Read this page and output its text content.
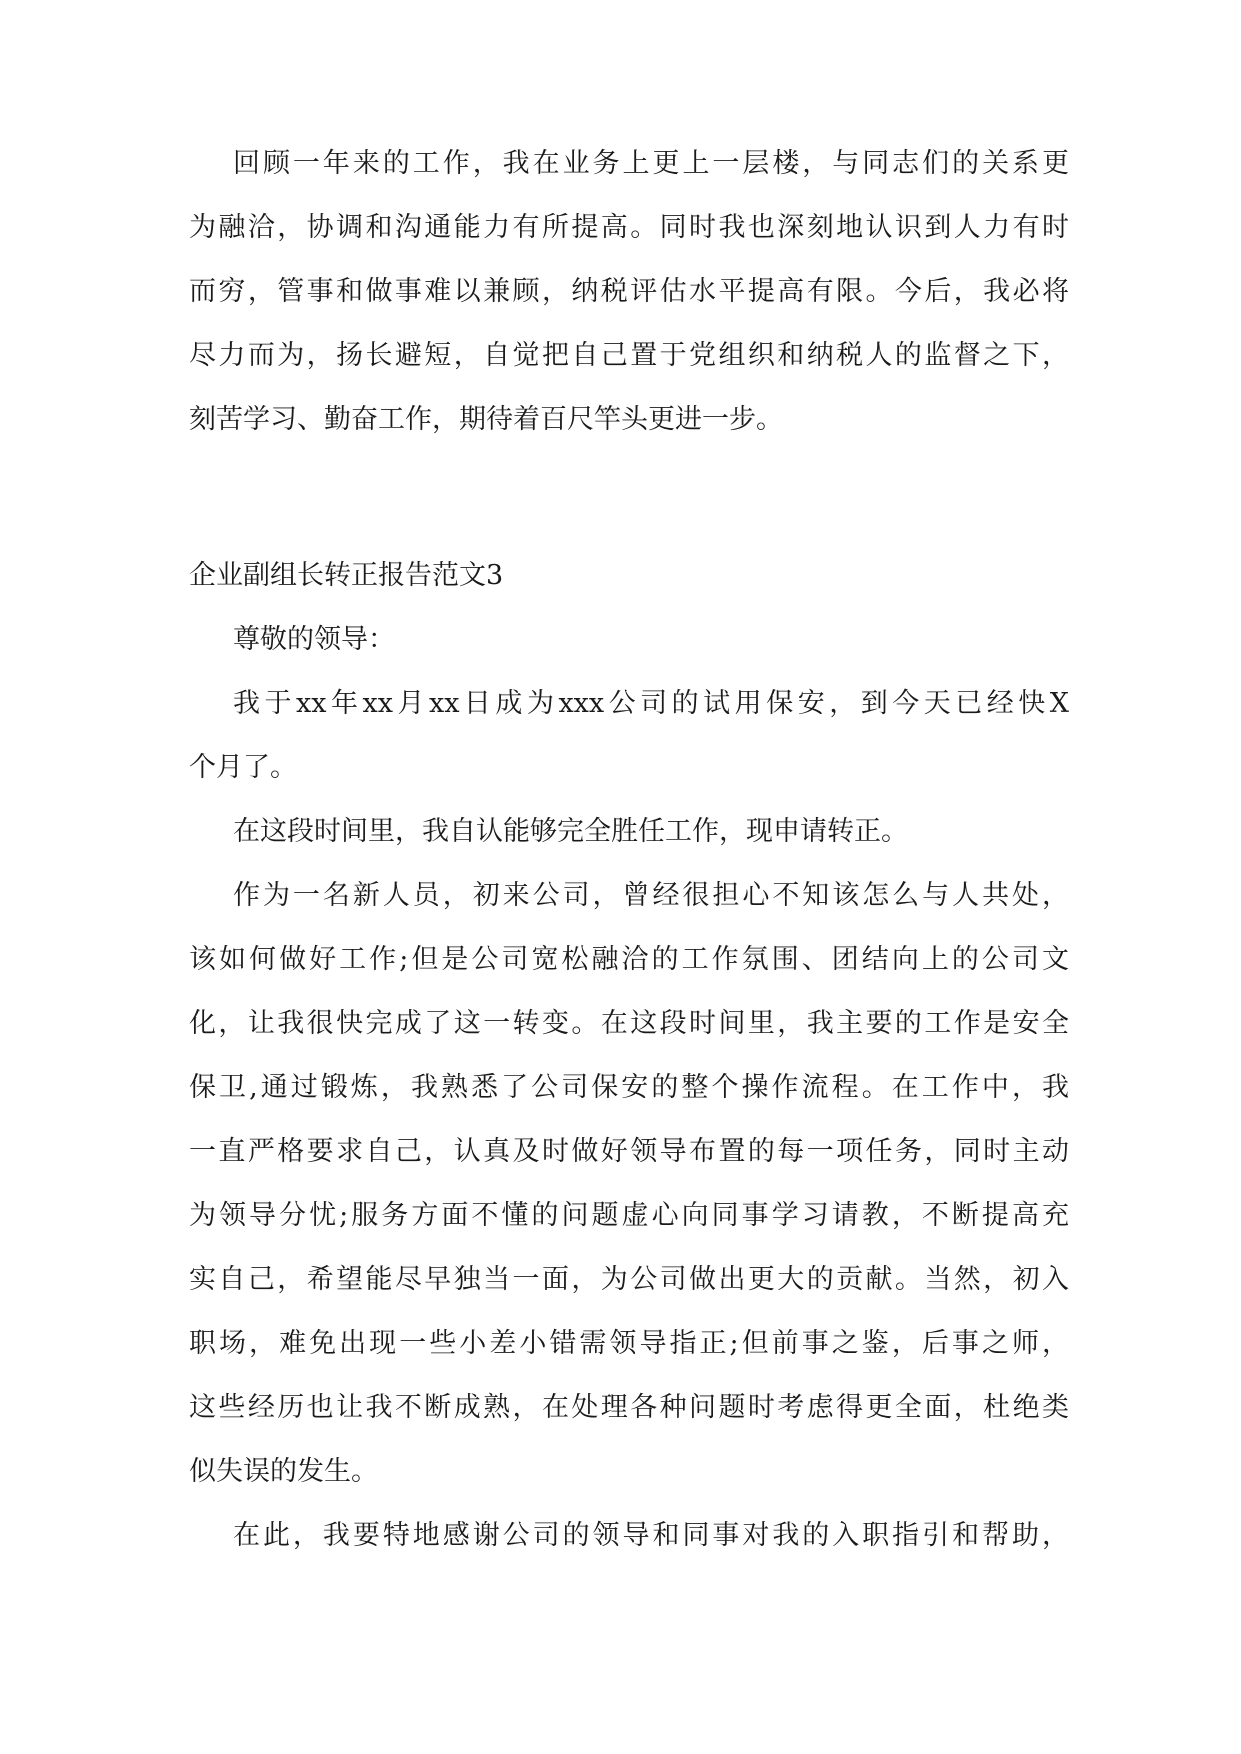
回顾一年来的工作，我在业务上更上一层楼，与同志们的关系更
为融洽，协调和沟通能力有所提高。同时我也深刻地认识到人力有时
而穷，管事和做事难以兼顾，纳税评估水平提高有限。今后，我必将
尽力而为，扬长避短，自觉把自己置于党组织和纳税人的监督之下，
刻苦学习、勤奋工作，期待着百尺竿头更进一步。
企业副组长转正报告范文3
尊敬的领导：
我于xx年xx月xx日成为xxx公司的试用保安，到今天已经快X
个月了。
在这段时间里，我自认能够完全胜任工作，现申请转正。
作为一名新人员，初来公司，曾经很担心不知该怎么与人共处，
该如何做好工作;但是公司宽松融洽的工作氛围、团结向上的公司文
化，让我很快完成了这一转变。在这段时间里，我主要的工作是安全
保卫,通过锻炼，我熟悉了公司保安的整个操作流程。在工作中，我
一直严格要求自己，认真及时做好领导布置的每一项任务，同时主动
为领导分忧;服务方面不懂的问题虚心向同事学习请教，不断提高充
实自己，希望能尽早独当一面，为公司做出更大的贡献。当然，初入
职场，难免出现一些小差小错需领导指正;但前事之鉴，后事之师，
这些经历也让我不断成熟，在处理各种问题时考虑得更全面，杜绝类
似失误的发生。
在此，我要特地感谢公司的领导和同事对我的入职指引和帮助，
